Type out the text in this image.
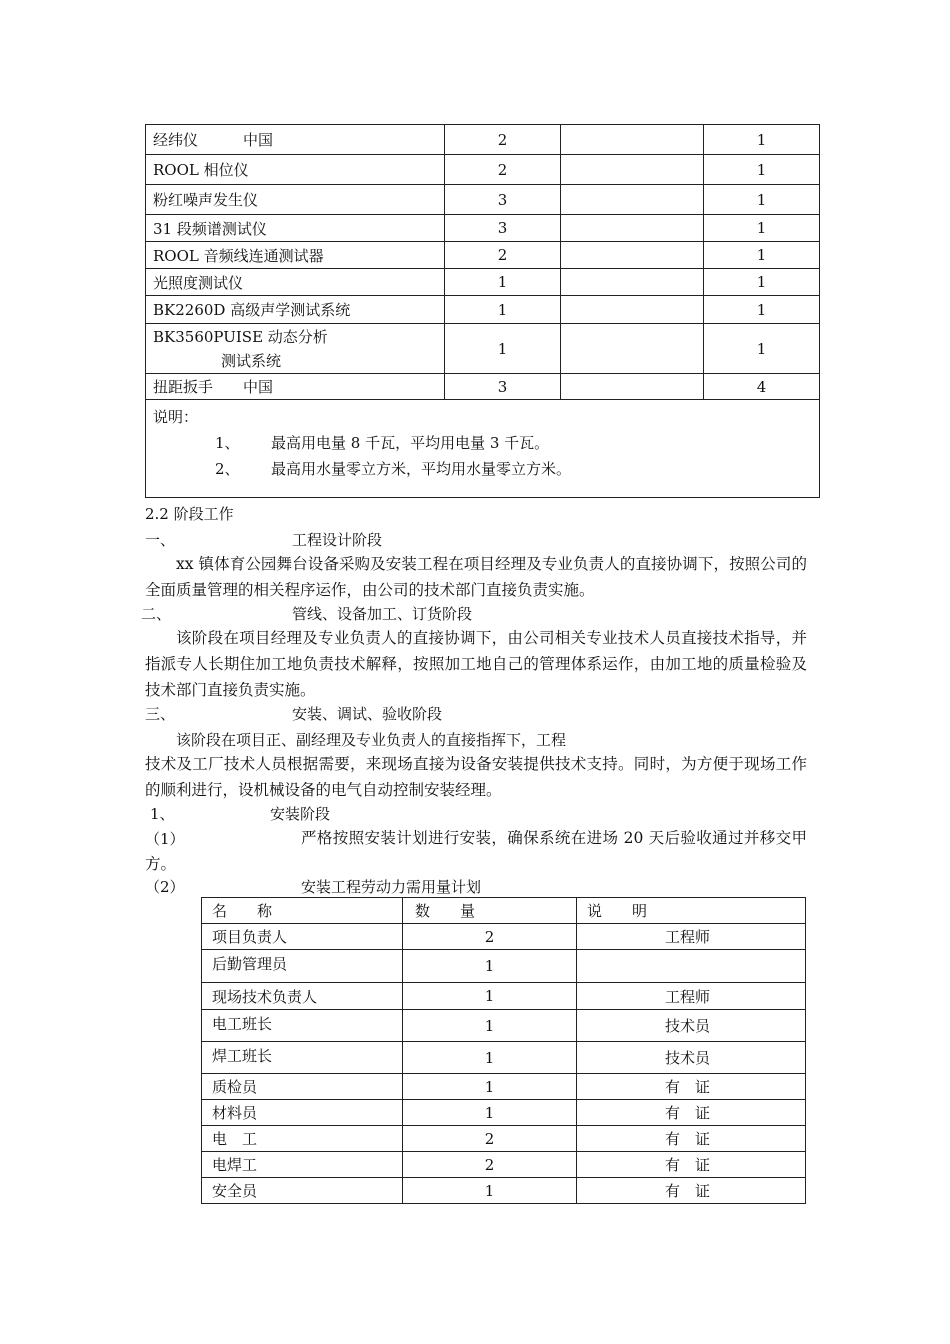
经纬仪　　　中国	2		1
ROOL 相位仪	2		1
粉红噪声发生仪	3		1
31 段频谱测试仪	3		1
ROOL 音频线连通测试器	2		1
光照度测试仪	1		1
BK2260D 高级声学测试系统	1		1

BK3560PUISE 动态分析
测试系统	1		1
扭距扳手　　中国	3		4

说明：
1、 最高用电量 8 千瓦，平均用电量 3 千瓦。
2、 最高用水量零立方米，平均用水量零立方米。			
2.2 阶段工作
一、	工程设计阶段
xx 镇体育公园舞台设备采购及安装工程在项目经理及专业负责人的直接协调下，按照公司的全面质量管理的相关程序运作，由公司的技术部门直接负责实施。
二、	管线、设备加工、订货阶段
该阶段在项目经理及专业负责人的直接协调下，由公司相关专业技术人员直接技术指导，并指派专人长期住加工地负责技术解释，按照加工地自己的管理体系运作，由加工地的质量检验及技术部门直接负责实施。
三、	安装、调试、验收阶段
该阶段在项目正、副经理及专业负责人的直接指挥下，工程
技术及工厂技术人员根据需要，来现场直接为设备安装提供技术支持。同时，为方便于现场工作的顺利进行，设机械设备的电气自动控制安装经理。
1、	安装阶段
（1）	严格按照安装计划进行安装，确保系统在进场 20 天后验收通过并移交甲方。
（2）	安装工程劳动力需用量计划
名　　称	数　　量	说　　明
项目负责人	2	工程师
后勤管理员	1	
现场技术负责人	1	工程师
电工班长	1	技术员
焊工班长	1	技术员
质检员	1	有　证
材料员	1	有　证
电　工	2	有　证
电焊工	2	有　证
安全员	1	有　证
